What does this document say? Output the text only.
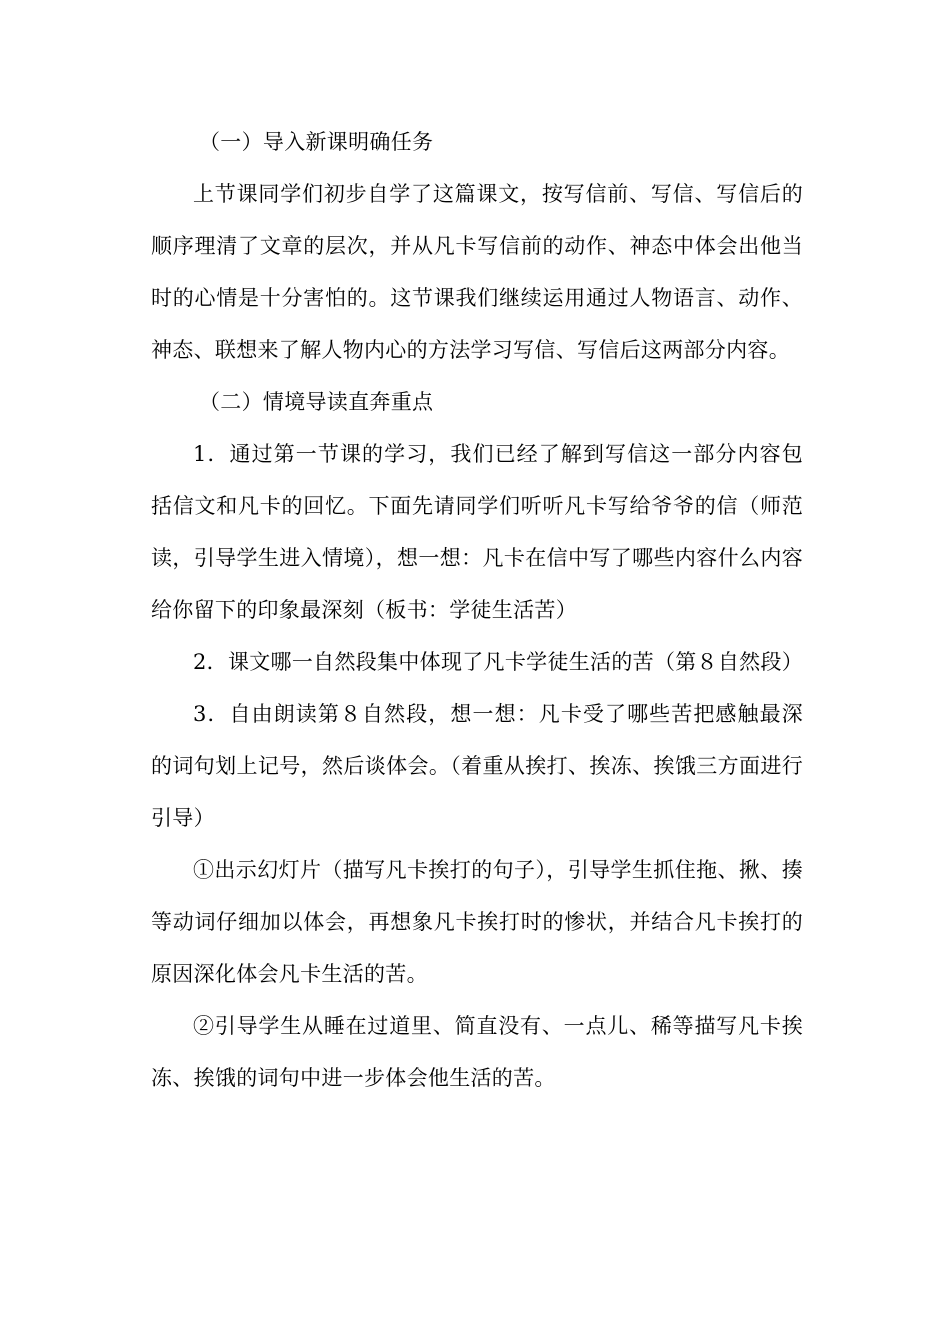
（一）导入新课明确任务

上节课同学们初步自学了这篇课文，按写信前、写信、写信后的顺序理清了文章的层次，并从凡卡写信前的动作、神态中体会出他当时的心情是十分害怕的。这节课我们继续运用通过人物语言、动作、神态、联想来了解人物内心的方法学习写信、写信后这两部分内容。

（二）情境导读直奔重点

1．通过第一节课的学习，我们已经了解到写信这一部分内容包括信文和凡卡的回忆。下面先请同学们听听凡卡写给爷爷的信（师范读，引导学生进入情境），想一想：凡卡在信中写了哪些内容什么内容给你留下的印象最深刻（板书：学徒生活苦）

2．课文哪一自然段集中体现了凡卡学徒生活的苦（第８自然段）

3．自由朗读第８自然段，想一想：凡卡受了哪些苦把感触最深的词句划上记号，然后谈体会。（着重从挨打、挨冻、挨饿三方面进行引导）

①出示幻灯片（描写凡卡挨打的句子），引导学生抓住拖、揪、揍等动词仔细加以体会，再想象凡卡挨打时的惨状，并结合凡卡挨打的原因深化体会凡卡生活的苦。

②引导学生从睡在过道里、简直没有、一点儿、稀等描写凡卡挨冻、挨饿的词句中进一步体会他生活的苦。
